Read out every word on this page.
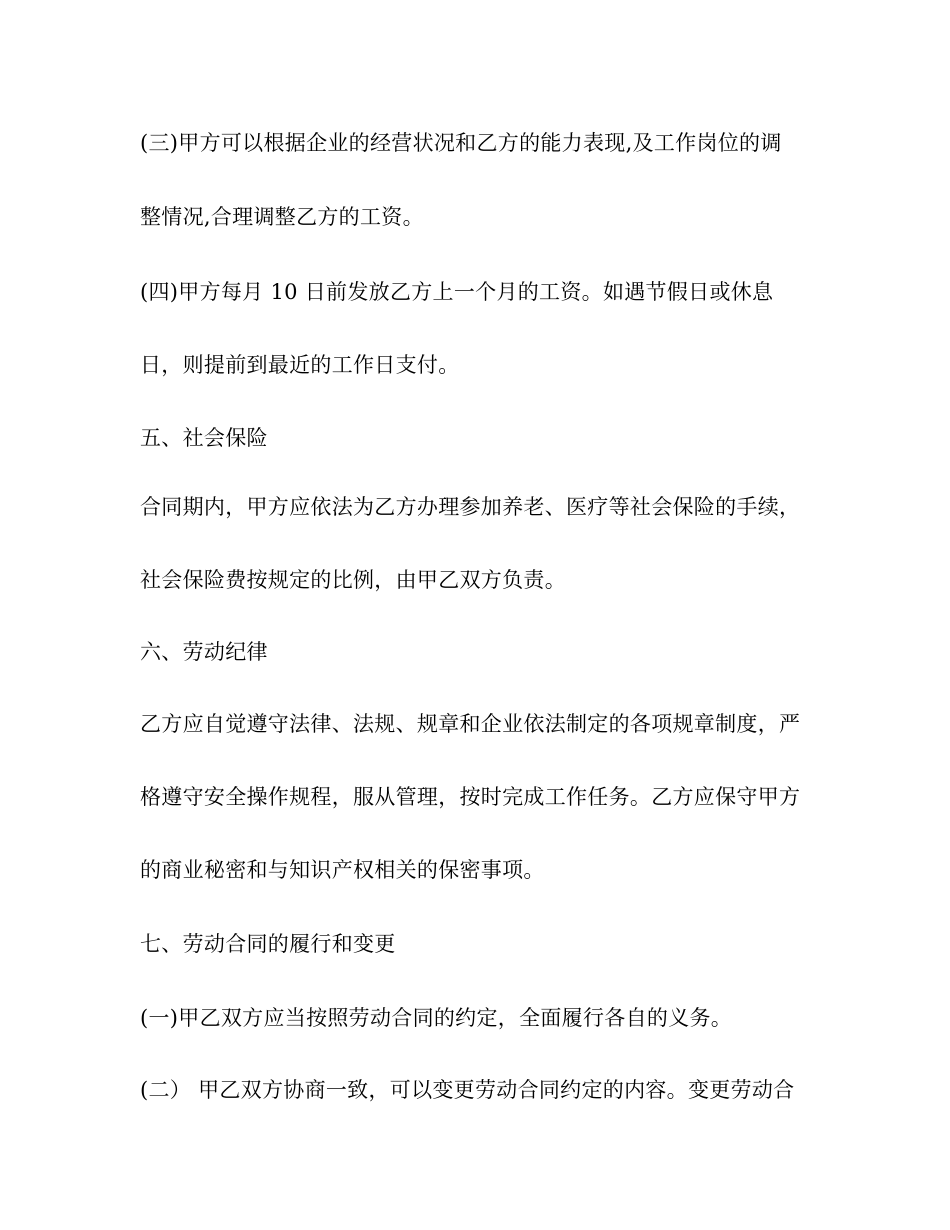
(三)甲方可以根据企业的经营状况和乙方的能力表现,及工作岗位的调
整情况,合理调整乙方的工资。
(四)甲方每月 10 日前发放乙方上一个月的工资。如遇节假日或休息
日，则提前到最近的工作日支付。
五、社会保险
合同期内，甲方应依法为乙方办理参加养老、医疗等社会保险的手续，
社会保险费按规定的比例，由甲乙双方负责。
六、劳动纪律
乙方应自觉遵守法律、法规、规章和企业依法制定的各项规章制度，严
格遵守安全操作规程，服从管理，按时完成工作任务。乙方应保守甲方
的商业秘密和与知识产权相关的保密事项。
七、劳动合同的履行和变更
(一)甲乙双方应当按照劳动合同的约定，全面履行各自的义务。
(二） 甲乙双方协商一致，可以变更劳动合同约定的内容。变更劳动合
